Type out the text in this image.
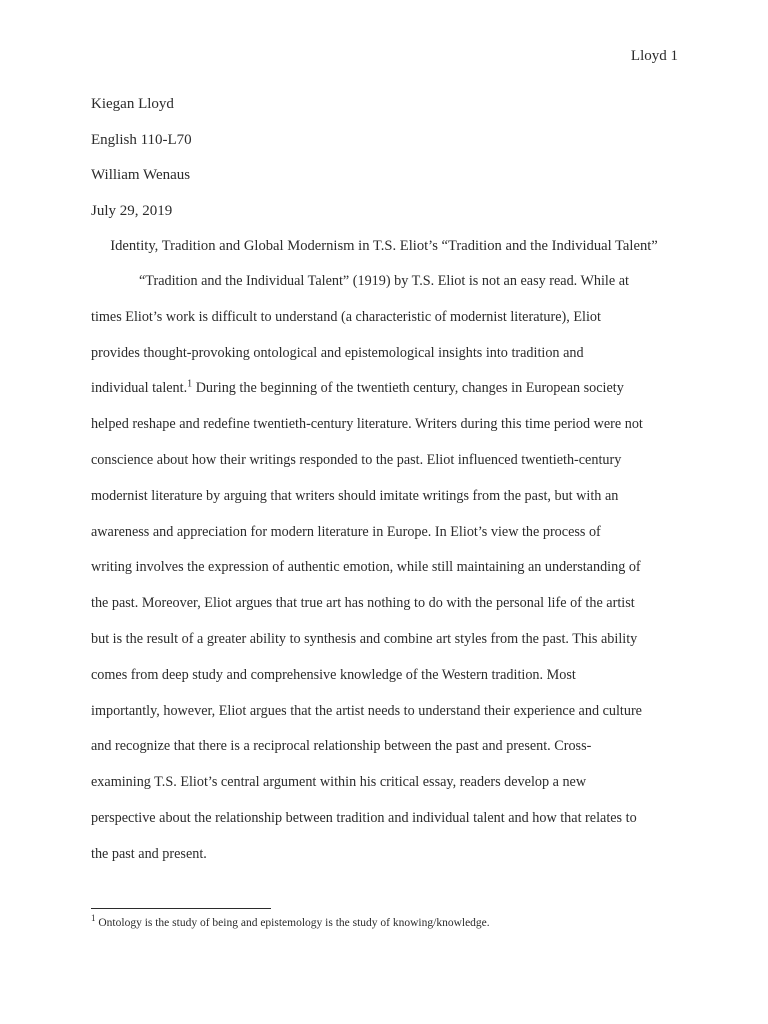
Lloyd 1
Kiegan Lloyd
English 110-L70
William Wenaus
July 29, 2019
Identity, Tradition and Global Modernism in T.S. Eliot’s “Tradition and the Individual Talent”
“Tradition and the Individual Talent” (1919) by T.S. Eliot is not an easy read. While at
times Eliot’s work is difficult to understand (a characteristic of modernist literature), Eliot
provides thought-provoking ontological and epistemological insights into tradition and
individual talent.$^1$ During the beginning of the twentieth century, changes in European society
helped reshape and redefine twentieth-century literature. Writers during this time period were not
conscience about how their writings responded to the past. Eliot influenced twentieth-century
modernist literature by arguing that writers should imitate writings from the past, but with an
awareness and appreciation for modern literature in Europe. In Eliot’s view the process of
writing involves the expression of authentic emotion, while still maintaining an understanding of
the past. Moreover, Eliot argues that true art has nothing to do with the personal life of the artist
but is the result of a greater ability to synthesis and combine art styles from the past. This ability
comes from deep study and comprehensive knowledge of the Western tradition. Most
importantly, however, Eliot argues that the artist needs to understand their experience and culture
and recognize that there is a reciprocal relationship between the past and present. Cross-
examining T.S. Eliot’s central argument within his critical essay, readers develop a new
perspective about the relationship between tradition and individual talent and how that relates to
the past and present.
$^1$ Ontology is the study of being and epistemology is the study of knowing/knowledge.
